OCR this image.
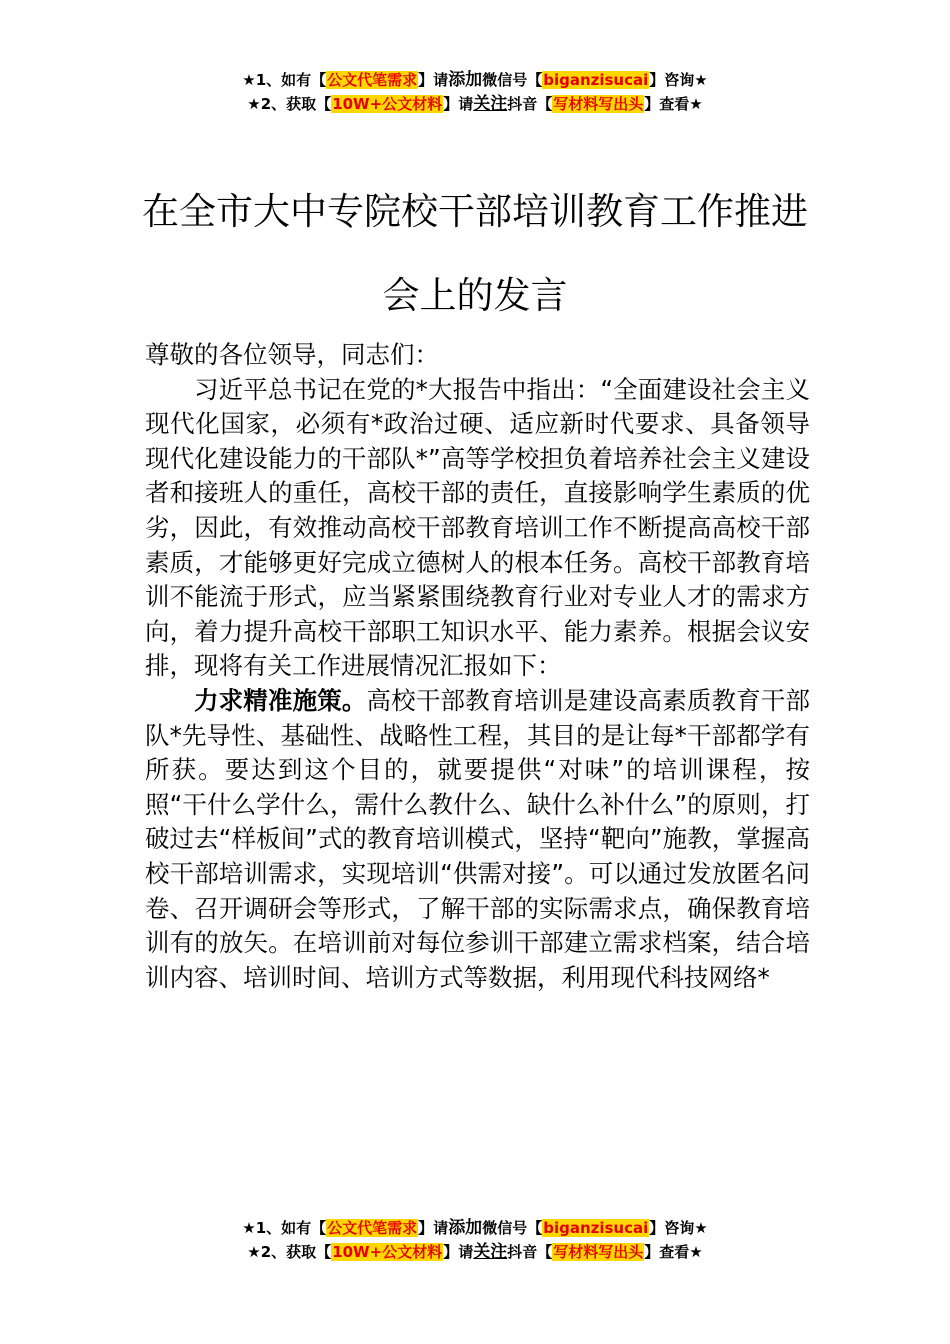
★1、如有【公文代笔需求】请添加微信号【biganzisucai】咨询★
★2、获取【10W+公文材料】请关注抖音【写材料写出头】查看★
在全市大中专院校干部培训教育工作推进
会上的发言

尊敬的各位领导，同志们：

习近平总书记在党的*大报告中指出：“全面建设社会主义现代化国家，必须有*政治过硬、适应新时代要求、具备领导现代化建设能力的干部队*”高等学校担负着培养社会主义建设者和接班人的重任，高校干部的责任，直接影响学生素质的优劣，因此，有效推动高校干部教育培训工作不断提高高校干部素质，才能够更好完成立德树人的根本任务。高校干部教育培训不能流于形式，应当紧紧围绕教育行业对专业人才的需求方向，着力提升高校干部职工知识水平、能力素养。根据会议安排，现将有关工作进展情况汇报如下：

力求精准施策。高校干部教育培训是建设高素质教育干部队*先导性、基础性、战略性工程，其目的是让每*干部都学有所获。要达到这个目的，就要提供“对味”的培训课程，按照“干什么学什么，需什么教什么、缺什么补什么”的原则，打破过去“样板间”式的教育培训模式，坚持“靶向”施教，掌握高校干部培训需求，实现培训“供需对接”。可以通过发放匿名问卷、召开调研会等形式，了解干部的实际需求点，确保教育培训有的放矢。在培训前对每位参训干部建立需求档案，结合培训内容、培训时间、培训方式等数据，利用现代科技网络*

★1、如有【公文代笔需求】请添加微信号【biganzisucai】咨询★
★2、获取【10W+公文材料】请关注抖音【写材料写出头】查看★
